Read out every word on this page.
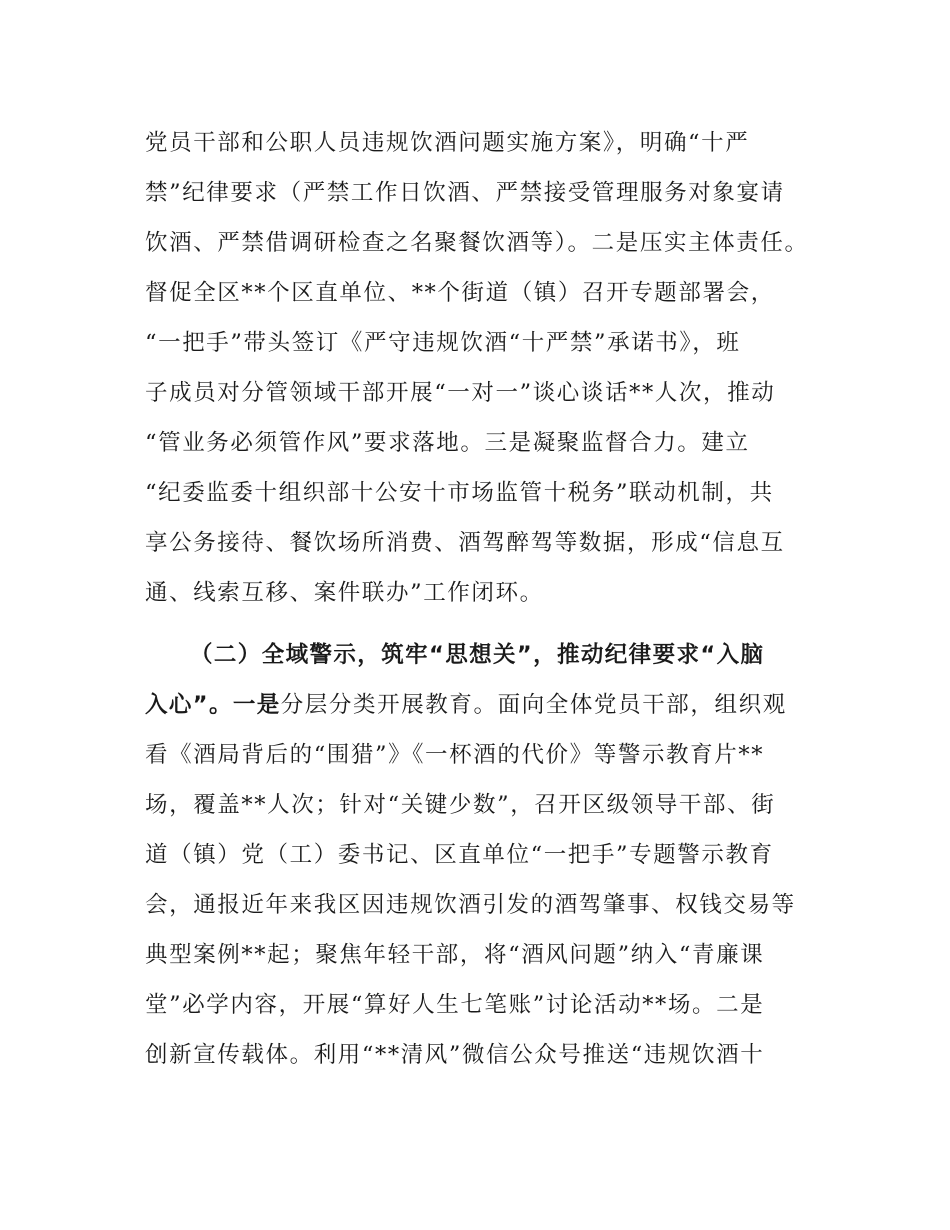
党员干部和公职人员违规饮酒问题实施方案》，明确“十严
禁”纪律要求（严禁工作日饮酒、严禁接受管理服务对象宴请
饮酒、严禁借调研检查之名聚餐饮酒等）。二是压实主体责任。
督促全区**个区直单位、**个街道（镇）召开专题部署会，
“一把手”带头签订《严守违规饮酒“十严禁”承诺书》，班
子成员对分管领域干部开展“一对一”谈心谈话**人次，推动
“管业务必须管作风”要求落地。三是凝聚监督合力。建立
“纪委监委十组织部十公安十市场监管十税务”联动机制，共
享公务接待、餐饮场所消费、酒驾醉驾等数据，形成“信息互
通、线索互移、案件联办”工作闭环。
（二）全域警示，筑牢“思想关”，推动纪律要求“入脑
入心”。一是分层分类开展教育。面向全体党员干部，组织观
看《酒局背后的“围猎”》《一杯酒的代价》等警示教育片**
场，覆盖**人次；针对“关键少数”，召开区级领导干部、街
道（镇）党（工）委书记、区直单位“一把手”专题警示教育
会，通报近年来我区因违规饮酒引发的酒驾肇事、权钱交易等
典型案例**起；聚焦年轻干部，将“酒风问题”纳入“青廉课
堂”必学内容，开展“算好人生七笔账”讨论活动**场。二是
创新宣传载体。利用“**清风”微信公众号推送“违规饮酒十
